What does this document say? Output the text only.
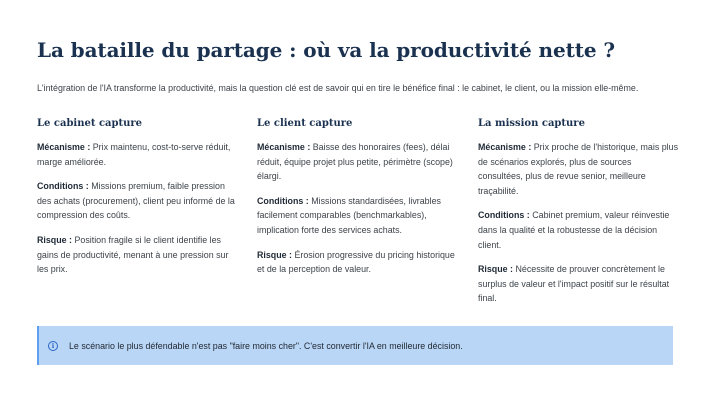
La bataille du partage : où va la productivité nette ?

L'intégration de l'IA transforme la productivité, mais la question clé est de savoir qui en tire le bénéfice final : le cabinet, le client, ou la mission elle-même.

Le cabinet capture

Mécanisme : Prix maintenu, cost-to-serve réduit, marge améliorée.

Conditions : Missions premium, faible pression des achats (procurement), client peu informé de la compression des coûts.

Risque : Position fragile si le client identifie les gains de productivité, menant à une pression sur les prix.

Le client capture

Mécanisme : Baisse des honoraires (fees), délai réduit, équipe projet plus petite, périmètre (scope) élargi.

Conditions : Missions standardisées, livrables facilement comparables (benchmarkables), implication forte des services achats.

Risque : Érosion progressive du pricing historique et de la perception de valeur.

La mission capture

Mécanisme : Prix proche de l'historique, mais plus de scénarios explorés, plus de sources consultées, plus de revue senior, meilleure traçabilité.

Conditions : Cabinet premium, valeur réinvestie dans la qualité et la robustesse de la décision client.

Risque : Nécessite de prouver concrètement le surplus de valeur et l'impact positif sur le résultat final.

i	Le scénario le plus défendable n'est pas "faire moins cher". C'est convertir l'IA en meilleure décision.
